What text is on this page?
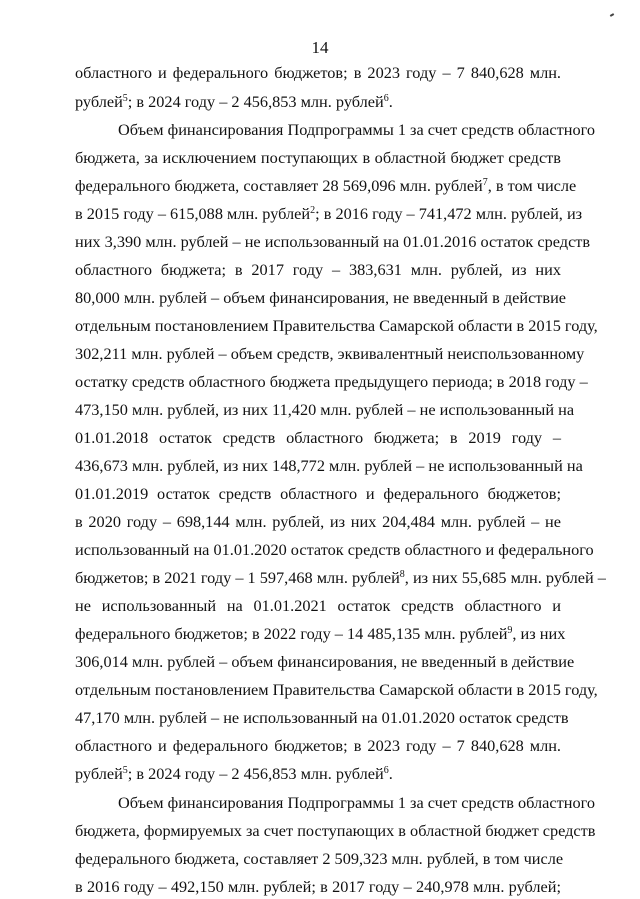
14
областного и федерального бюджетов; в 2023 году – 7 840,628 млн.
рублей$^5$; в 2024 году – 2 456,853 млн. рублей$^6$.
Объем финансирования Подпрограммы 1 за счет средств областного
бюджета, за исключением поступающих в областной бюджет средств
федерального бюджета, составляет 28 569,096 млн. рублей$^7$, в том числе
в 2015 году – 615,088 млн. рублей$^2$; в 2016 году – 741,472 млн. рублей, из
них 3,390 млн. рублей – не использованный на 01.01.2016 остаток средств
областного бюджета; в 2017 году – 383,631 млн. рублей, из них
80,000 млн. рублей – объем финансирования, не введенный в действие
отдельным постановлением Правительства Самарской области в 2015 году,
302,211 млн. рублей – объем средств, эквивалентный неиспользованному
остатку средств областного бюджета предыдущего периода; в 2018 году –
473,150 млн. рублей, из них 11,420 млн. рублей – не использованный на
01.01.2018 остаток средств областного бюджета; в 2019 году –
436,673 млн. рублей, из них 148,772 млн. рублей – не использованный на
01.01.2019 остаток средств областного и федерального бюджетов;
в 2020 году – 698,144 млн. рублей, из них 204,484 млн. рублей – не
использованный на 01.01.2020 остаток средств областного и федерального
бюджетов; в 2021 году – 1 597,468 млн. рублей$^8$, из них 55,685 млн. рублей –
не использованный на 01.01.2021 остаток средств областного и
федерального бюджетов; в 2022 году – 14 485,135 млн. рублей$^9$, из них
306,014 млн. рублей – объем финансирования, не введенный в действие
отдельным постановлением Правительства Самарской области в 2015 году,
47,170 млн. рублей – не использованный на 01.01.2020 остаток средств
областного и федерального бюджетов; в 2023 году – 7 840,628 млн.
рублей$^5$; в 2024 году – 2 456,853 млн. рублей$^6$.
Объем финансирования Подпрограммы 1 за счет средств областного
бюджета, формируемых за счет поступающих в областной бюджет средств
федерального бюджета, составляет 2 509,323 млн. рублей, в том числе
в 2016 году – 492,150 млн. рублей; в 2017 году – 240,978 млн. рублей;
